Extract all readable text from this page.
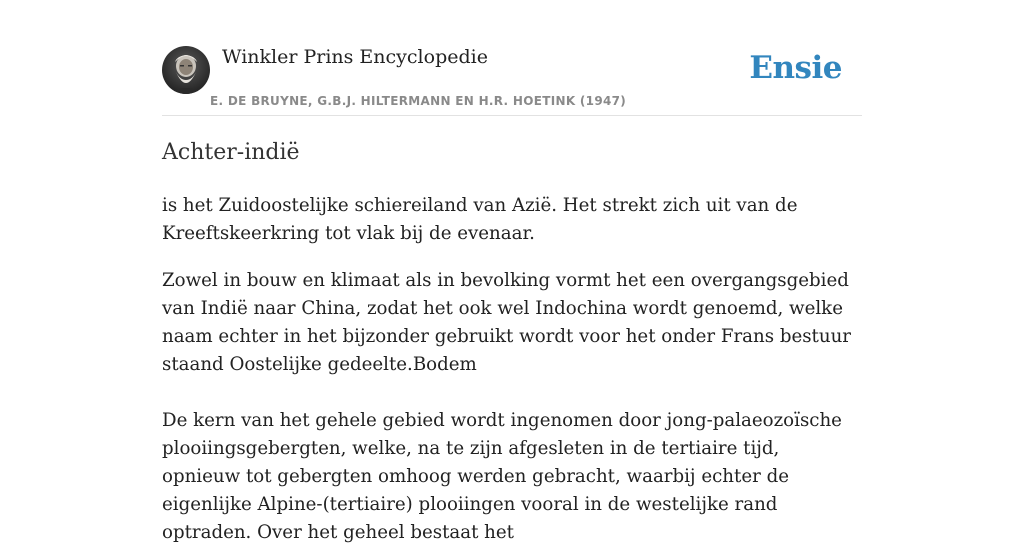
Winkler Prins Encyclopedie
E. DE BRUYNE, G.B.J. HILTERMANN EN H.R. HOETINK (1947)
Ensie
Achter-indië

is het Zuidoostelijke schiereiland van Azië. Het strekt zich uit van de Kreeftskeerkring tot vlak bij de evenaar.

Zowel in bouw en klimaat als in bevolking vormt het een overgangsgebied van Indië naar China, zodat het ook wel Indochina wordt genoemd, welke naam echter in het bijzonder gebruikt wordt voor het onder Frans bestuur staand Oostelijke gedeelte.Bodem

De kern van het gehele gebied wordt ingenomen door jong-palaeozoïsche plooiingsgebergten, welke, na te zijn afgesleten in de tertiaire tijd, opnieuw tot gebergten omhoog werden gebracht, waarbij echter de eigenlijke Alpine-(tertiaire) plooiingen vooral in de westelijke rand optraden. Over het geheel bestaat het
